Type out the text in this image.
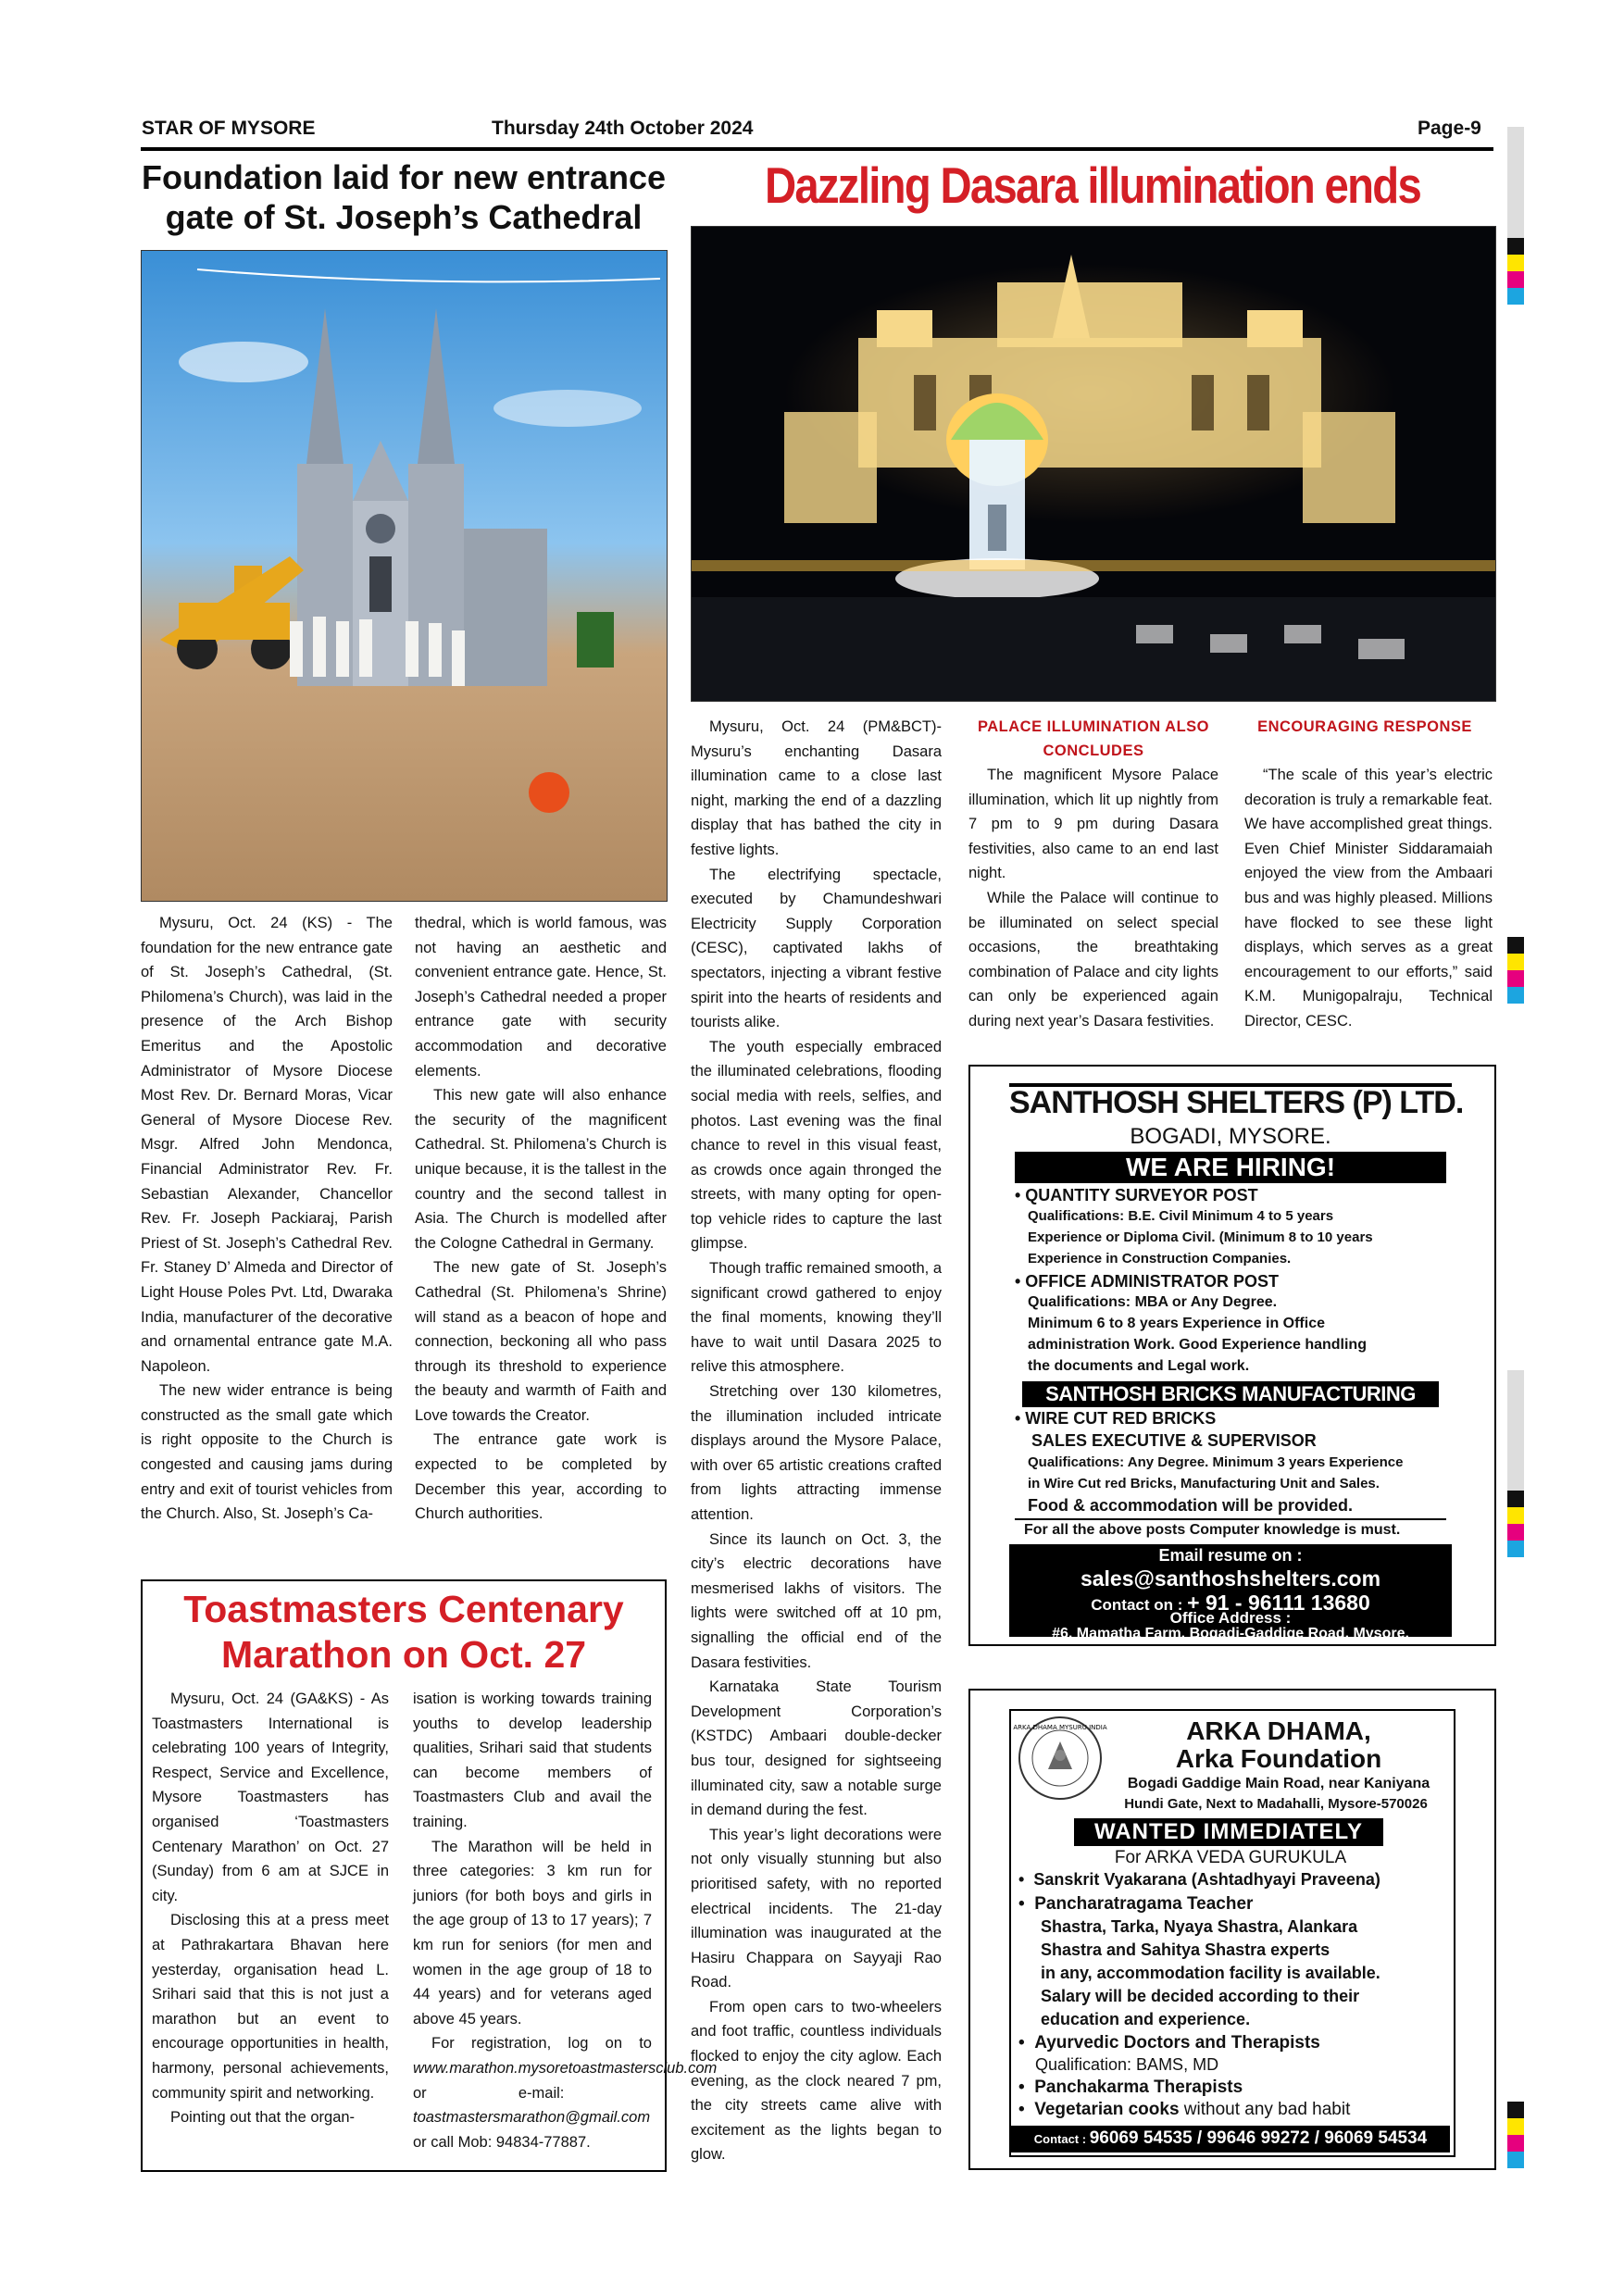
STAR OF MYSORE	Thursday 24th October 2024	Page-9
Foundation laid for new entrance
gate of St. Joseph’s Cathedral

Mysuru, Oct. 24 (KS) - The foundation for the new entrance gate of St. Joseph’s Cathedral, (St. Philomena’s Church), was laid in the presence of the Arch Bishop Emeritus and the Apostolic Administrator of Mysore Diocese Most Rev. Dr. Bernard Moras, Vicar General of Mysore Diocese Rev. Msgr. Alfred John Mendonca, Financial Administrator Rev. Fr. Sebastian Alexander, Chancellor Rev. Fr. Joseph Packiaraj, Parish Priest of St. Joseph’s Cathedral Rev. Fr. Staney D’ Almeda and Director of Light House Poles Pvt. Ltd, Dwaraka India, manufacturer of the decorative and ornamental entrance gate M.A. Napoleon.

The new wider entrance is being constructed as the small gate which is right opposite to the Church is congested and causing jams during entry and exit of tourist vehicles from the Church. Also, St. Joseph’s Ca-

thedral, which is world famous, was not having an aesthetic and convenient entrance gate. Hence, St. Joseph’s Cathedral needed a proper entrance gate with security accommodation and decorative elements.

This new gate will also enhance the security of the magnificent Cathedral. St. Philomena’s Church is unique because, it is the tallest in the country and the second tallest in Asia. The Church is modelled after the Cologne Cathedral in Germany.

The new gate of St. Joseph’s Cathedral (St. Philomena’s Shrine) will stand as a beacon of hope and connection, beckoning all who pass through its threshold to experience the beauty and warmth of Faith and Love towards the Creator.

The entrance gate work is expected to be completed by December this year, according to Church authorities.

Toastmasters Centenary
Marathon on Oct. 27

Mysuru, Oct. 24 (GA&KS) - As Toastmasters International is celebrating 100 years of Integrity, Respect, Service and Excellence, Mysore Toastmasters has organised ‘Toastmasters Centenary Marathon’ on Oct. 27 (Sunday) from 6 am at SJCE in city.

Disclosing this at a press meet at Pathrakartara Bhavan here yesterday, organisation head L. Srihari said that this is not just a marathon but an event to encourage opportunities in health, harmony, personal achievements, community spirit and networking.

Pointing out that the organ-

isation is working towards training youths to develop leadership qualities, Srihari said that students can become members of Toastmasters Club and avail the training.

The Marathon will be held in three categories: 3 km run for juniors (for both boys and girls in the age group of 13 to 17 years); 7 km run for seniors (for men and women in the age group of 18 to 44 years) and for veterans aged above 45 years.

For registration, log on to www.marathon.mysoretoastmastersclub.com or e-mail: toastmastersmarathon@gmail.com or call Mob: 94834-77887.

Dazzling Dasara illumination ends

Mysuru, Oct. 24 (PM&BCT)- Mysuru’s enchanting Dasara illumination came to a close last night, marking the end of a dazzling display that has bathed the city in festive lights.

The electrifying spectacle, executed by Chamundeshwari Electricity Supply Corporation (CESC), captivated lakhs of spectators, injecting a vibrant festive spirit into the hearts of residents and tourists alike.

The youth especially embraced the illuminated celebrations, flooding social media with reels, selfies, and photos. Last evening was the final chance to revel in this visual feast, as crowds once again thronged the streets, with many opting for open-top vehicle rides to capture the last glimpse.

Though traffic remained smooth, a significant crowd gathered to enjoy the final moments, knowing they’ll have to wait until Dasara 2025 to relive this atmosphere.

Stretching over 130 kilometres, the illumination included intricate displays around the Mysore Palace, with over 65 artistic creations crafted from lights attracting immense attention.

Since its launch on Oct. 3, the city’s electric decorations have mesmerised lakhs of visitors. The lights were switched off at 10 pm, signalling the official end of the Dasara festivities.

Karnataka State Tourism Development Corporation’s (KSTDC) Ambaari double-decker bus tour, designed for sightseeing illuminated city, saw a notable surge in demand during the fest.

This year’s light decorations were not only visually stunning but also prioritised safety, with no reported electrical incidents. The 21-day illumination was inaugurated at the Hasiru Chappara on Sayyaji Rao Road.

From open cars to two-wheelers and foot traffic, countless individuals flocked to enjoy the city aglow. Each evening, as the clock neared 7 pm, the city streets came alive with excitement as the lights began to glow.

PALACE ILLUMINATION ALSO CONCLUDES

The magnificent Mysore Palace illumination, which lit up nightly from 7 pm to 9 pm during Dasara festivities, also came to an end last night.

While the Palace will continue to be illuminated on select special occasions, the breathtaking combination of Palace and city lights can only be experienced again during next year’s Dasara festivities.

ENCOURAGING RESPONSE

“The scale of this year’s electric decoration is truly a remarkable feat. We have accomplished great things. Even Chief Minister Siddaramaiah enjoyed the view from the Ambaari bus and was highly pleased. Millions have flocked to see these light displays, which serves as a great encouragement to our efforts,” said K.M. Munigopalraju, Technical Director, CESC.

SANTHOSH SHELTERS (P) LTD.
BOGADI, MYSORE.
WE ARE HIRING!
• QUANTITY SURVEYOR POST
Qualifications: B.E. Civil Minimum 4 to 5 years
Experience or Diploma Civil. (Minimum 8 to 10 years
Experience in Construction Companies.
• OFFICE ADMINISTRATOR POST
Qualifications: MBA or Any Degree.
Minimum 6 to 8 years Experience in Office
administration Work. Good Experience handling
the documents and Legal work.
SANTHOSH BRICKS MANUFACTURING
• WIRE CUT RED BRICKS
SALES EXECUTIVE & SUPERVISOR
Qualifications: Any Degree. Minimum 3 years Experience
in Wire Cut red Bricks, Manufacturing Unit and Sales.
Food & accommodation will be provided.
For all the above posts Computer knowledge is must.
Email resume on :
sales@santhoshshelters.com
Contact on : + 91 - 96111 13680
Office Address :
ARKA DHAMA MYSURU INDIA	ARKA DHAMA,
Arka Foundation
Bogadi Gaddige Main Road, near Kaniyana
Hundi Gate, Next to Madahalli, Mysore-570026
WANTED IMMEDIATELY
For ARKA VEDA GURUKULA
•  Sanskrit Vyakarana (Ashtadhyayi Praveena)
•  Pancharatragama Teacher
Shastra, Tarka, Nyaya Shastra, Alankara
Shastra and Sahitya Shastra experts
in any, accommodation facility is available.
Salary will be decided according to their
education and experience.
•  Ayurvedic Doctors and Therapists
Qualification: BAMS, MD
•  Panchakarma Therapists
•  Vegetarian cooks without any bad habit
Contact : 96069 54535 / 99646 99272 / 96069 54534
#6, Mamatha Farm, Bogadi-Gaddige Road, Mysore.
